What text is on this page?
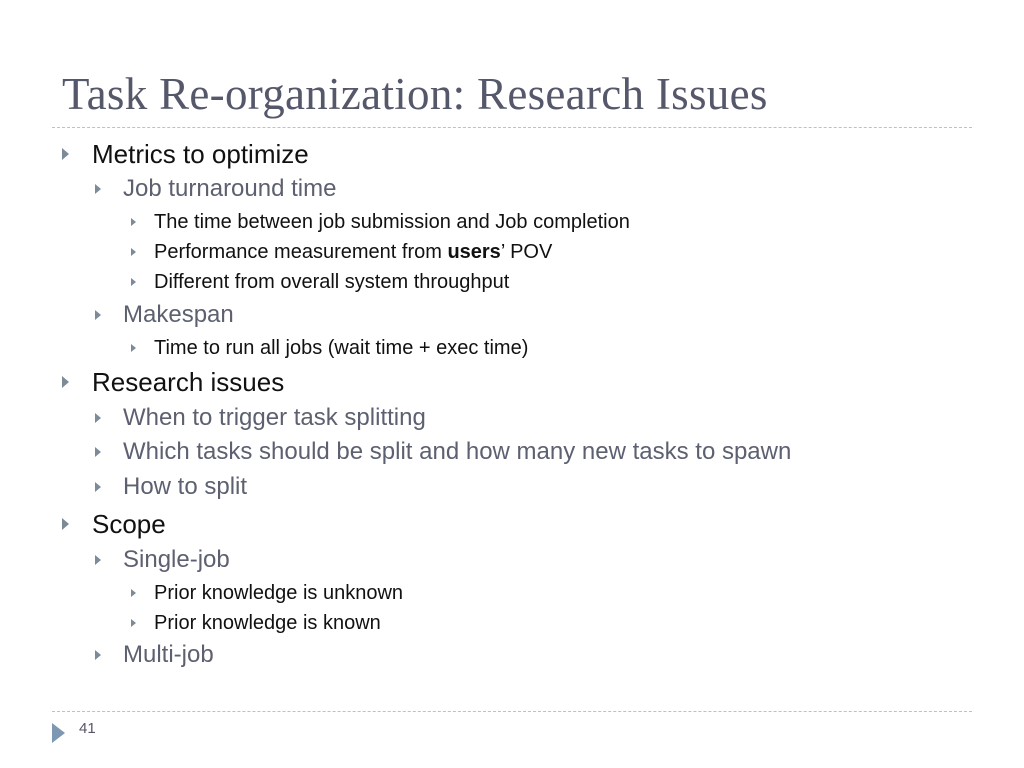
Task Re-organization: Research Issues
Metrics to optimize
Job turnaround time
The time between job submission and Job completion
Performance measurement from users’ POV
Different from overall system throughput
Makespan
Time to run all jobs (wait time + exec time)
Research issues
When to trigger task splitting
Which tasks should be split and how many new tasks to spawn
How to split
Scope
Single-job
Prior knowledge is unknown
Prior knowledge is known
Multi-job
41
